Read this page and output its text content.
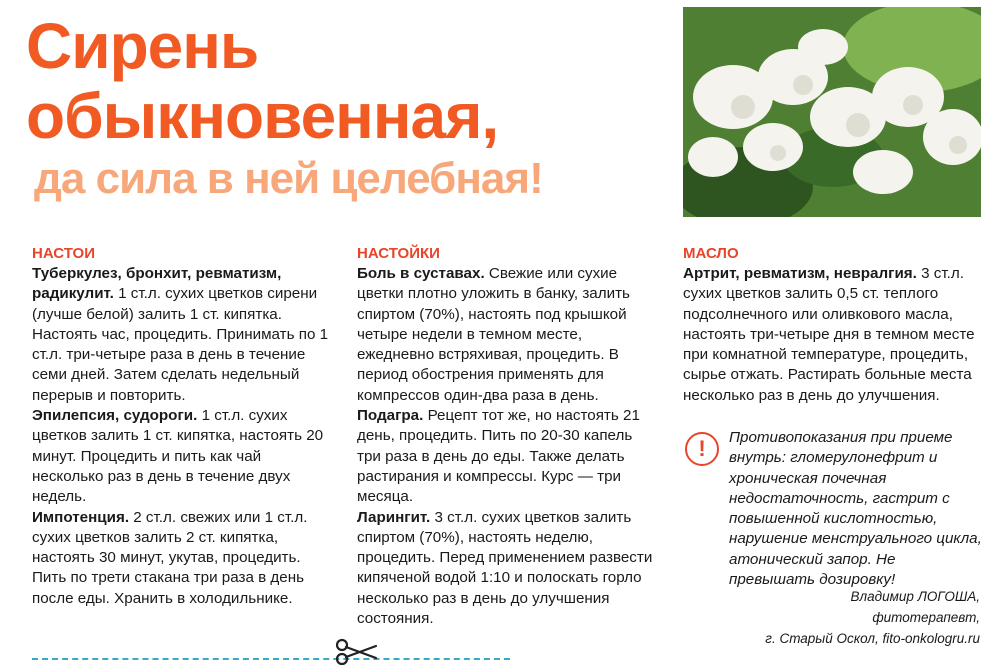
Сирень
обыкновенная,
да сила в ней целебная!
НАСТОИ
Туберкулез, бронхит, ревматизм, радикулит. 1 ст.л. сухих цветков сирени (лучше белой) залить 1 ст. кипятка. Настоять час, процедить. Принимать по 1 ст.л. три-четыре раза в день в течение семи дней. Затем сделать недельный перерыв и повторить.
Эпилепсия, судороги. 1 ст.л. сухих цветков залить 1 ст. кипятка, настоять 20 минут. Процедить и пить как чай несколько раз в день в течение двух недель.
Импотенция. 2 ст.л. свежих или 1 ст.л. сухих цветков залить 2 ст. кипятка, настоять 30 минут, укутав, процедить. Пить по трети стакана три раза в день после еды. Хранить в холодильнике.
НАСТОЙКИ
Боль в суставах. Свежие или сухие цветки плотно уложить в банку, залить спиртом (70%), настоять под крышкой четыре недели в темном месте, ежедневно встряхивая, процедить. В период обострения применять для компрессов один-два раза в день.
Подагра. Рецепт тот же, но настоять 21 день, процедить. Пить по 20-30 капель три раза в день до еды. Также делать растирания и компрессы. Курс — три месяца.
Ларингит. 3 ст.л. сухих цветков залить спиртом (70%), настоять неделю, процедить. Перед применением развести кипяченой водой 1:10 и полоскать горло несколько раз в день до улучшения состояния.
МАСЛО
Артрит, ревматизм, невралгия. 3 ст.л. сухих цветков залить 0,5 ст. теплого подсолнечного или оливкового масла, настоять три-четыре дня в темном месте при комнатной температуре, процедить, сырье отжать. Растирать больные места несколько раз в день до улучшения.
!	Противопоказания при приеме внутрь: гломерулонефрит и хроническая почечная недостаточность, гастрит с повышенной кислотностью, нарушение менструального цикла, атонический запор. Не превышать дозировку!
Владимир ЛОГОША,
фитотерапевт,
г. Старый Оскол, fito-onkologru.ru
